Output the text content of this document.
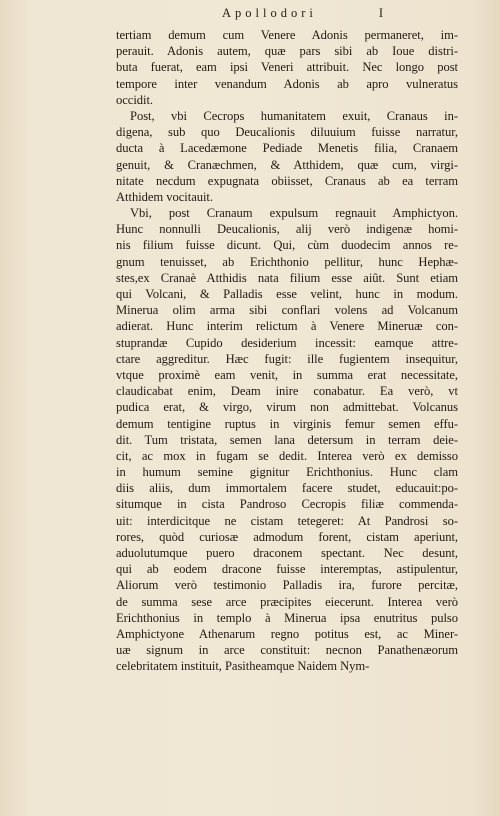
Apollodori	I
tertiam demum cum Venere Adonis permaneret, im-
perauit. Adonis autem, quæ pars sibi ab Ioue distri-
buta fuerat, eam ipsi Veneri attribuit. Nec longo post
tempore inter venandum Adonis ab apro vulneratus
occidit.
Post, vbi Cecrops humanitatem exuit, Cranaus in-
digena, sub quo Deucalionis diluuium fuisse narratur,
ducta à Lacedæmone Pediade Menetis filia, Cranaem
genuit, & Cranæchmen, & Atthidem, quæ cum, virgi-
nitate necdum expugnata obiisset, Cranaus ab ea terram
Atthidem vocitauit.
Vbi, post Cranaum expulsum regnauit Amphictyon.
Hunc nonnulli Deucalionis, alij verò indigenæ homi-
nis filium fuisse dicunt. Qui, cùm duodecim annos re-
gnum tenuisset, ab Erichthonio pellitur, hunc Hephæ-
stes,ex Cranaè Atthidis nata filium esse aiût. Sunt etiam
qui Volcani, & Palladis esse velint, hunc in modum.
Minerua olim arma sibi conflari volens ad Volcanum
adierat. Hunc interim relictum à Venere Mineruæ con-
stuprandæ Cupido desiderium incessit: eamque attre-
ctare aggreditur. Hæc fugit: ille fugientem insequitur,
vtque proximè eam venit, in summa erat necessitate,
claudicabat enim, Deam inire conabatur. Ea verò, vt
pudica erat, & virgo, virum non admittebat. Volcanus
demum tentigine ruptus in virginis femur semen effu-
dit. Tum tristata, semen lana detersum in terram deie-
cit, ac mox in fugam se dedit. Interea verò ex demisso
in humum semine gignitur Erichthonius. Hunc clam
diis aliis, dum immortalem facere studet, educauit:po-
situmque in cista Pandroso Cecropis filiæ commenda-
uit: interdicitque ne cistam tetegeret: At Pandrosi so-
rores, quòd curiosæ admodum forent, cistam aperiunt,
aduolutumque puero draconem spectant. Nec desunt,
qui ab eodem dracone fuisse interemptas, astipulentur,
Aliorum verò testimonio Palladis ira, furore percitæ,
de summa sese arce præcipites eiecerunt. Interea verò
Erichthonius in templo à Minerua ipsa enutritus pulso
Amphictyone Athenarum regno potitus est, ac Miner-
uæ signum in arce constituit: necnon Panathenæorum
celebritatem instituit, Pasitheamque Naidem Nym-
